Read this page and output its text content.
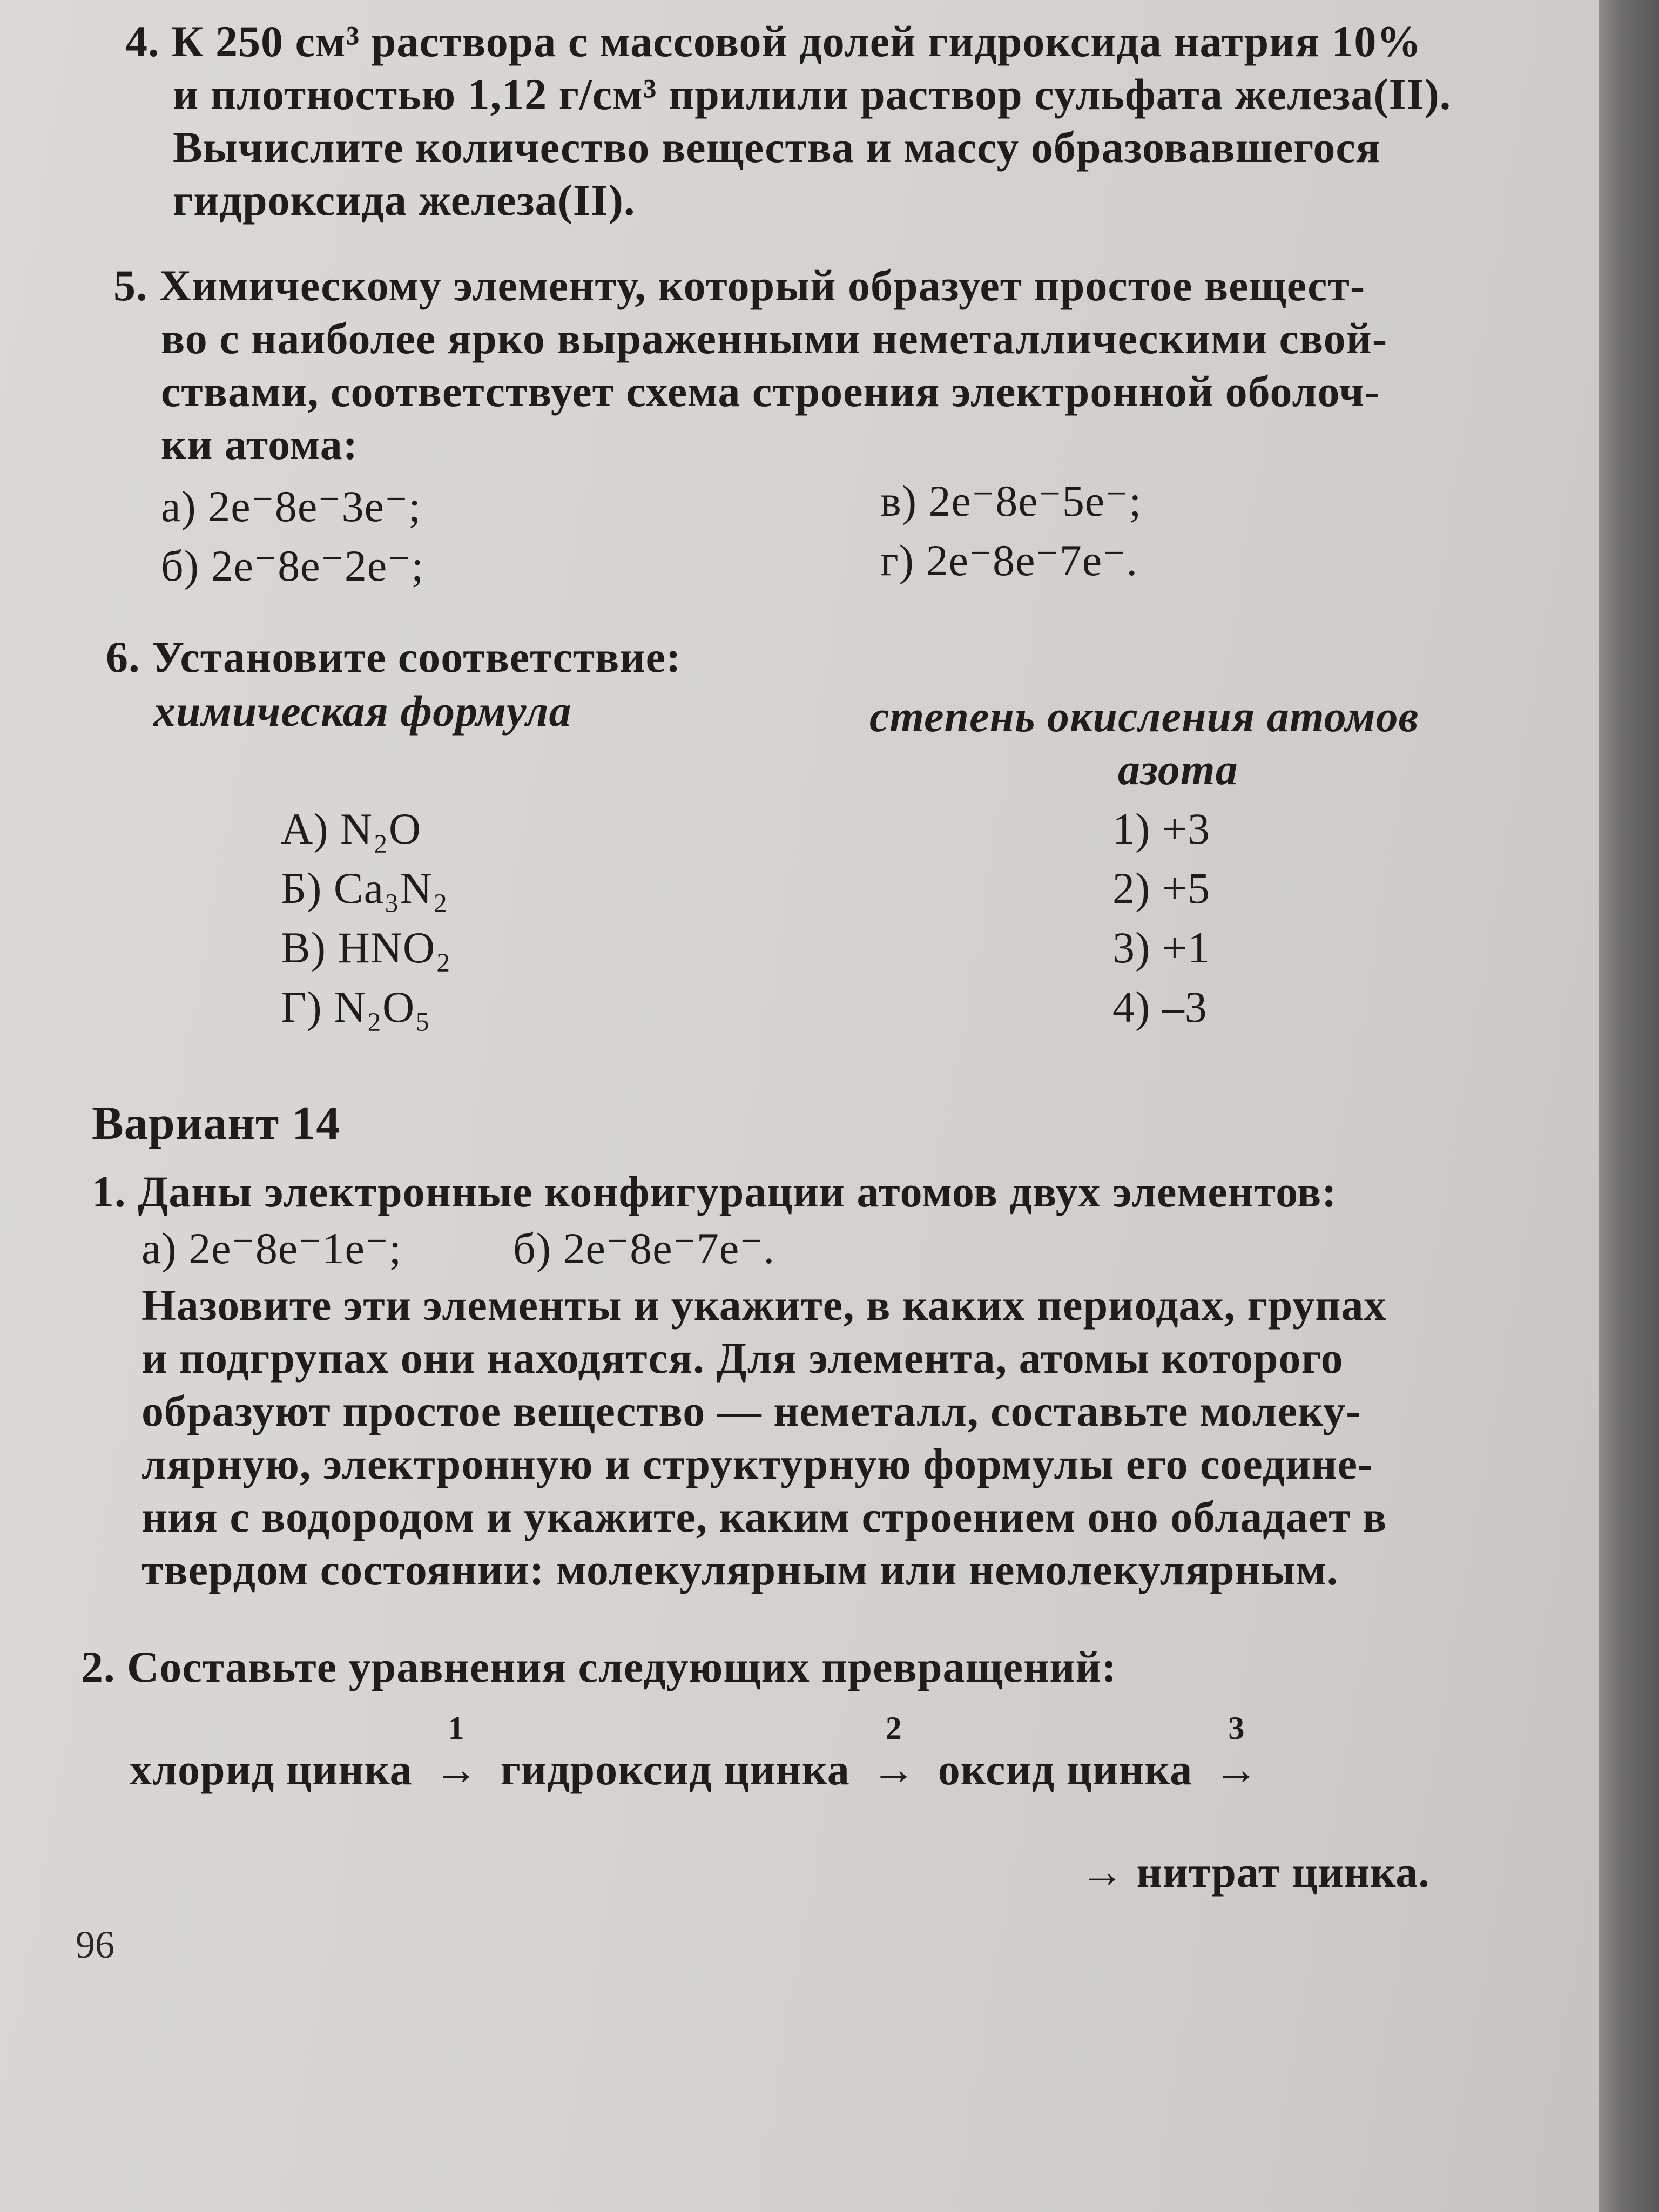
4. К 250 см³ раствора с массовой долей гидроксида натрия 10%
и плотностью 1,12 г/см³ прилили раствор сульфата железа(II).
Вычислите количество вещества и массу образовавшегося
гидроксида железа(II).
5. Химическому элементу, который образует простое вещест-
во с наиболее ярко выраженными неметаллическими свой-
ствами, соответствует схема строения электронной оболоч-
ки атома:
а) 2e⁻8e⁻3e⁻;
б) 2e⁻8e⁻2e⁻;
в) 2e⁻8e⁻5e⁻;
г) 2e⁻8e⁻7e⁻.
6. Установите соответствие:
химическая формула	степень окисления атомов
азота
А) N₂O
Б) Ca₃N₂
В) HNO₂
Г) N₂O₅
1) +3
2) +5
3) +1
4) –3
Вариант 14
1. Даны электронные конфигурации атомов двух элементов:
а) 2e⁻8e⁻1e⁻;	б) 2e⁻8e⁻7e⁻.
Назовите эти элементы и укажите, в каких периодах, групах
и подгрупах они находятся. Для элемента, атомы которого
образуют простое вещество — неметалл, составьте молеку-
лярную, электронную и структурную формулы его соедине-
ния с водородом и укажите, каким строением оно обладает в
твердом состоянии: молекулярным или немолекулярным.
2. Составьте уравнения следующих превращений:
хлорид цинка
1
→ гидроксид цинка
2
→ оксид цинка
3
→
→ нитрат цинка.
96
